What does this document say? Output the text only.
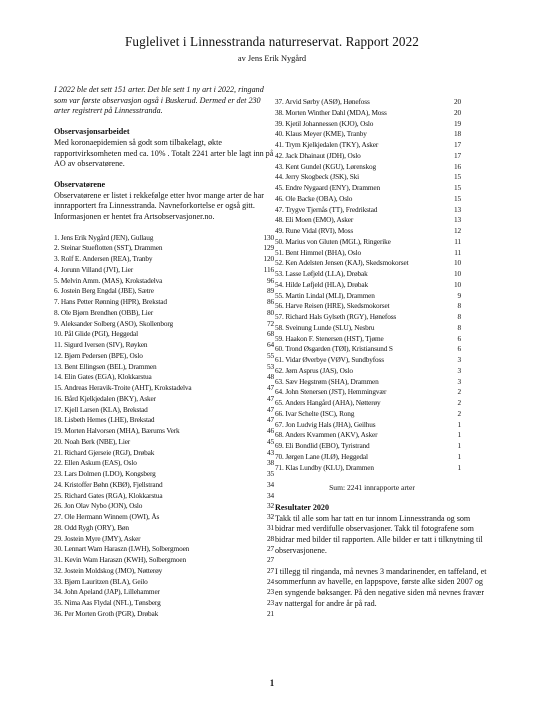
Fuglelivet i Linnesstranda naturreservat. Rapport 2022
av Jens Erik Nygård

I 2022 ble det sett 151 arter. Det ble sett 1 ny art i 2022, ringand som var første observasjon også i Buskerud. Dermed er det 230 arter registrert på Linnesstranda.

Observasjonsarbeidet

Med koronaepidemien så godt som tilbakelagt, økte rapportvirksomheten med ca. 10% . Totalt 2241 arter ble lagt inn på AO av observatørene.

Observatørene

Observatørene er listet i rekkefølge etter hvor mange arter de har innrapportert fra Linnesstranda. Navneforkortelse er også gitt. Informasjonen er hentet fra Artsobservasjoner.no.

1. Jens Erik Nygård (JEN), Gullaug	130
2. Steinar Stueflotten (SST), Drammen	129
3. Rolf E. Andersen (REA), Tranby	120
4. Jorunn Villand (JVI), Lier	116
5. Melvin Amm. (MAS), Krokstadelva	96
6. Jostein Berg Engdal (JBE), Sætre	89
7. Hans Petter Rønning (HPR), Brekstad	86
8. Ole Bjørn Brendhen (OBB), Lier	80
9. Aleksander Solberg (ASO), Skollenborg	72
10. Pål Glide (PGI), Heggedal	68
11. Sigurd Iversen (SIV), Røyken	64
12. Bjørn Pedersen (BPE), Oslo	55
13. Bent Ellingsen (BEL), Drammen	53
14. Elin Gates (EGA), Klokkarstua	48
15. Andreas Heravik-Troite (AHT), Krokstadelva	47
16. Bård Kjelkjedalen (BKY), Asker	47
17. Kjell Larsen (KLA), Brekstad	47
18. Lisbeth Hemes (LHE), Brekstad	47
19. Morten Halvorsen (MHA), Bærums Verk	46
20. Noah Berk (NBE), Lier	45
21. Richard Gjerseie (RGJ), Drøbak	43
22. Ellen Askum (EAS), Oslo	38
23. Lars Dolmen (LDO), Kongsberg	35
24. Kristoffer Bøhn (KBØ), Fjellstrand	34
25. Richard Gates (RGA), Klokkarstua	34
26. Jon Olav Nybo (JON), Oslo	32
27. Ole Hermann Winnem (OWI), Ås	32
28. Odd Rygh (ORY), Bøn	31
29. Jostein Myre (JMY), Asker	28
30. Lennart Wam Haraszn (LWH), Solbergmoen	27
31. Kevin Wam Haraszn (KWH), Solbergmoen	27
32. Jostein Moldskog (JMO), Nøtterøy	27
33. Bjørn Lauritzen (BLA), Geilo	24
34. John Apeland (JAP), Lillehammer	23
35. Nima Aas Flydal (NFL), Tønsberg	23
36. Per Morten Groth (PGR), Drøbak	21
37. Arvid Sørby (ASØ), Hønefoss	20
38. Morten Winther Dahl (MDA), Moss	20
39. Kjetil Johannessen (KJO), Oslo	19
40. Klaus Meyer (KME), Tranby	18
41. Trym Kjelkjedalen (TKY), Asker	17
42. Jack Dhainaut (JDH), Oslo	17
43. Kent Gundel (KGU), Lørenskog	16
44. Jerry Skogbeck (JSK), Ski	15
45. Endre Nygaard (ENY), Drammen	15
46. Ole Backe (OBA), Oslo	15
47. Trygve Tjernås (TT), Fredrikstad	13
48. Eli Moen (EMO), Asker	13
49. Rune Vidal (RVI), Moss	12
50. Marius von Gluten (MGL), Ringerike	11
51. Bent Himmel (BHA), Oslo	11
52. Ken Adelsten Jensen (KAJ), Skedsmokorset	10
53. Lasse Løfjeld (LLA), Drøbak	10
54. Hilde Løfjeld (HLA), Drøbak	10
55. Martin Lindal (MLI), Drammen	9
56. Harve Reisen (HRE), Skedsmokorset	8
57. Richard Hals Gylseth (RGY), Hønefoss	8
58. Sveinung Lunde (SLU), Nesbru	8
59. Haakon F. Stenersen (HST), Tjøme	6
60. Trond Øsgarden (TØI), Kristiansund S	6
61. Vidar Øverbye (VØV), Sundbyfoss	3
62. Jørn Asprus (JAS), Oslo	3
63. Sæv Hegstrøm (SHA), Drammen	3
64. John Stenersen (JST), Hemmingvær	2
65. Anders Hangård (AHA), Nøtterøy	2
66. Ivar Schelte (ISC), Rong	2
67. Jon Ludvig Hals (JHA), Geilhus	1
68. Anders Kvammen (AKV), Asker	1
69. Eli Bondlid (EBO), Tyristrand	1
70. Jørgen Lane (JLØ), Heggedal	1
71. Klas Lundby (KLU), Drammen	1

Sum: 2241 innrapporte arter

Resultater 2020

Takk til alle som har tatt en tur innom Linnesstranda og som bidrar med verdifulle observasjoner. Takk til fotografene som bidrar med bilder til rapporten. Alle bilder er tatt i tilknytning til observasjonene.

I tillegg til ringanda, må nevnes 3 mandarinender, en taffeland, et sommerfunn av havelle, en lappspove, første alke siden 2007 og en syngende bøksanger. På den negative siden må nevnes fravær av nattergal for andre år på rad.

1
